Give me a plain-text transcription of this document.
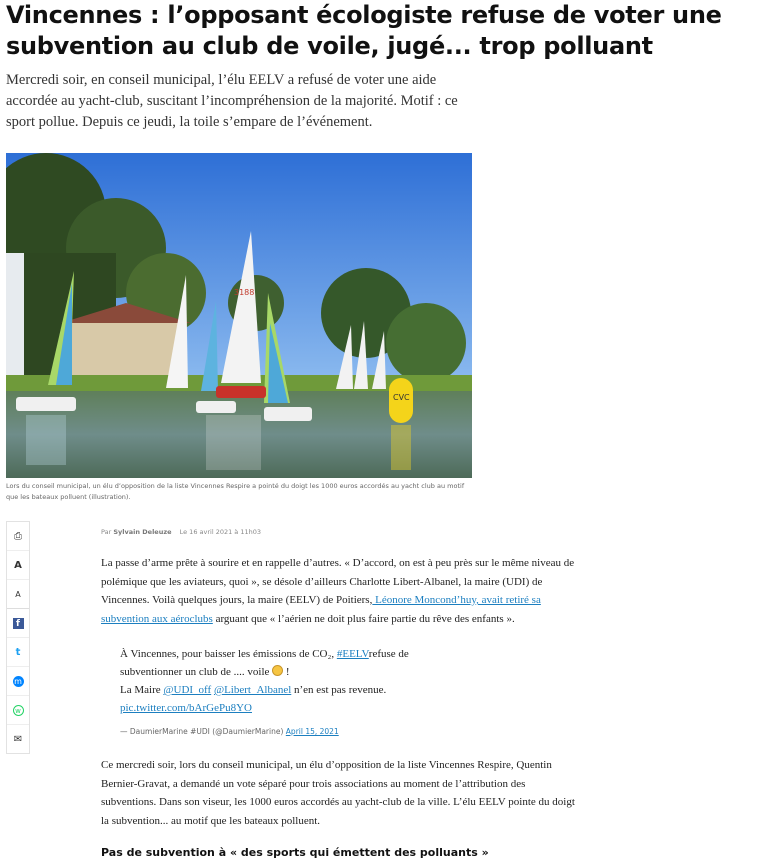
Vincennes : l’opposant écologiste refuse de voter une subvention au club de voile, jugé... trop polluant

Mercredi soir, en conseil municipal, l’élu EELV a refusé de voter une aide accordée au yacht-club, suscitant l’incompréhension de la majorité. Motif : ce sport pollue. Depuis ce jeudi, la toile s’empare de l’événement.

3188
CVC

Lors du conseil municipal, un élu d’opposition de la liste Vincennes Respire a pointé du doigt les 1000 euros accordés au yacht club au motif que les bateaux polluent (illustration).

⎙
A
A
f
t
m
w
✉
Par Sylvain Deleuze Le 16 avril 2021 à 11h03

La passe d’arme prête à sourire et en rappelle d’autres. « D’accord, on est à peu près sur le même niveau de polémique que les aviateurs, quoi », se désole d’ailleurs Charlotte Libert-Albanel, la maire (UDI) de Vincennes. Voilà quelques jours, la maire (EELV) de Poitiers, Léonore Moncond’huy, avait retiré sa subvention aux aéroclubs arguant que « l’aérien ne doit plus faire partie du rêve des enfants ».

À Vincennes, pour baisser les émissions de CO₂, #EELVrefuse de subventionner un club de .... voile  !
La Maire @UDI_off @Libert_Albanel n’en est pas revenue. pic.twitter.com/bArGePu8YO

— DaumierMarine #UDI (@DaumierMarine) April 15, 2021

Ce mercredi soir, lors du conseil municipal, un élu d’opposition de la liste Vincennes Respire, Quentin Bernier-Gravat, a demandé un vote séparé pour trois associations au moment de l’attribution des subventions. Dans son viseur, les 1000 euros accordés au yacht-club de la ville. L’élu EELV pointe du doigt la subvention... au motif que les bateaux polluent.

Pas de subvention à « des sports qui émettent des polluants »
